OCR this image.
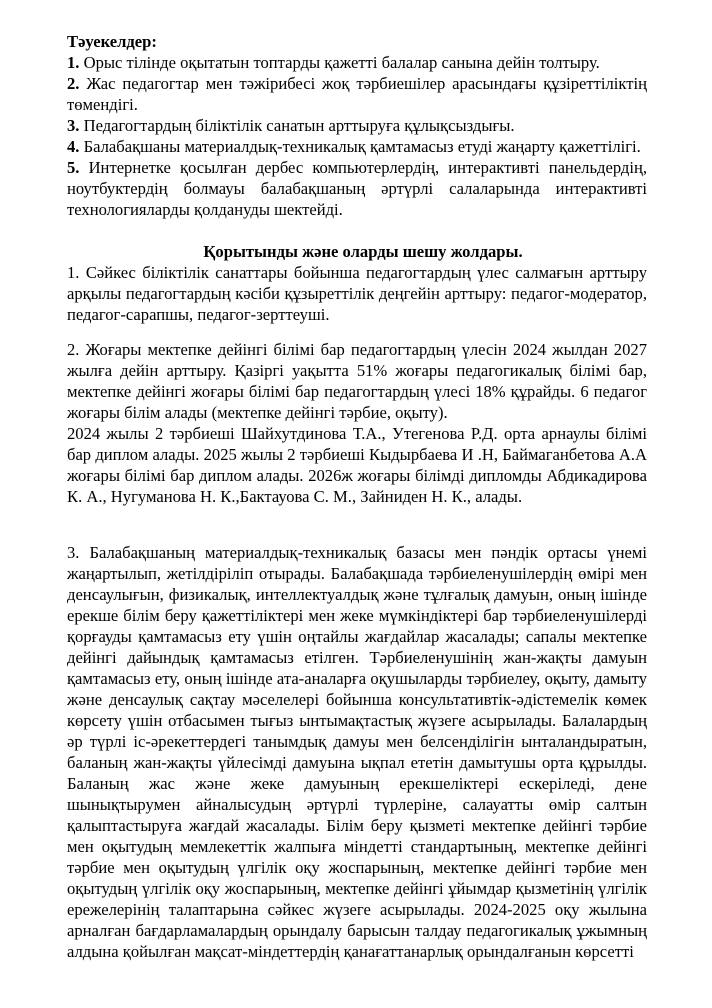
Тәуекелдер:

1. Орыс тілінде оқытатын топтарды қажетті балалар санына дейін толтыру.

2. Жас педагогтар мен тәжірибесі жоқ тәрбиешілер арасындағы құзіреттіліктің төмендігі.

3. Педагогтардың біліктілік санатын арттыруға құлықсыздығы.

4. Балабақшаны материалдық-техникалық қамтамасыз етуді жаңарту қажеттілігі.

5. Интернетке қосылған дербес компьютерлердің, интерактивті панельдердің, ноутбуктердің болмауы балабақшаның әртүрлі салаларында интерактивті технологияларды қолдануды шектейді.

Қорытынды және оларды шешу жолдары.

1. Сәйкес біліктілік санаттары бойынша педагогтардың үлес салмағын арттыру арқылы педагогтардың кәсіби құзыреттілік деңгейін арттыру: педагог-модератор, педагог-сарапшы, педагог-зерттеуші.

2. Жоғары мектепке дейінгі білімі бар педагогтардың үлесін 2024 жылдан 2027 жылға дейін арттыру. Қазіргі уақытта 51% жоғары педагогикалық білімі бар, мектепке дейінгі жоғары білімі бар педагогтардың үлесі 18% құрайды. 6 педагог жоғары білім алады (мектепке дейінгі тәрбие, оқыту).

2024 жылы 2 тәрбиеші Шайхутдинова Т.А., Утегенова Р.Д. орта арнаулы білімі бар диплом алады. 2025 жылы 2 тәрбиеші Кыдырбаева И .Н, Баймаганбетова А.А жоғары білімі бар диплом алады. 2026ж жоғары білімді дипломды Абдикадирова К. А., Нугуманова Н. К.,Бактауова С. М., Зайниден Н. К., алады.

3. Балабақшаның материалдық-техникалық базасы мен пәндік ортасы үнемі жаңартылып, жетілдіріліп отырады. Балабақшада тәрбиеленушілердің өмірі мен денсаулығын, физикалық, интеллектуалдық және тұлғалық дамуын, оның ішінде ерекше білім беру қажеттіліктері мен жеке мүмкіндіктері бар тәрбиеленушілерді қорғауды қамтамасыз ету үшін оңтайлы жағдайлар жасалады; сапалы мектепке дейінгі дайындық қамтамасыз етілген. Тәрбиеленушінің жан-жақты дамуын қамтамасыз ету, оның ішінде ата-аналарға оқушыларды тәрбиелеу, оқыту, дамыту және денсаулық сақтау мәселелері бойынша консультативтік-әдістемелік көмек көрсету үшін отбасымен тығыз ынтымақтастық жүзеге асырылады. Балалардың әр түрлі іс-әрекеттердегі танымдық дамуы мен белсенділігін ынталандыратын, баланың жан-жақты үйлесімді дамуына ықпал ететін дамытушы орта құрылды. Баланың жас және жеке дамуының ерекшеліктері ескеріледі, дене шынықтырумен айналысудың әртүрлі түрлеріне, салауатты өмір салтын қалыптастыруға жағдай жасалады. Білім беру қызметі мектепке дейінгі тәрбие мен оқытудың мемлекеттік жалпыға міндетті стандартының, мектепке дейінгі тәрбие мен оқытудың үлгілік оқу жоспарының, мектепке дейінгі тәрбие мен оқытудың үлгілік оқу жоспарының, мектепке дейінгі ұйымдар қызметінің үлгілік ережелерінің талаптарына сәйкес жүзеге асырылады. 2024-2025 оқу жылына арналған бағдарламалардың орындалу барысын талдау педагогикалық ұжымның алдына қойылған мақсат-міндеттердің қанағаттанарлық орындалғанын көрсетті
